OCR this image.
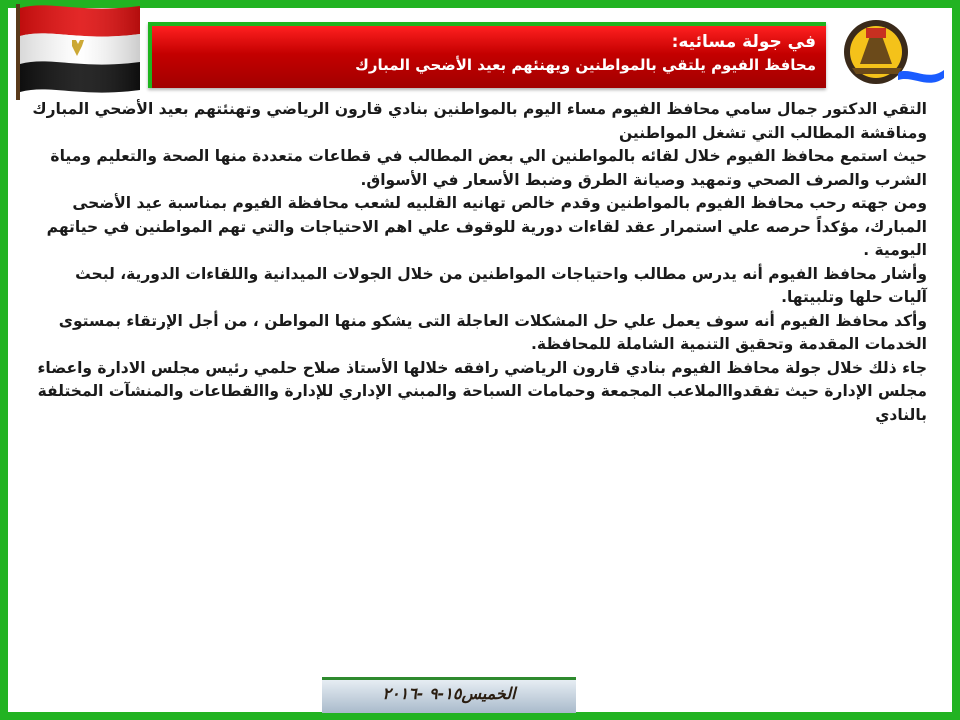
في جولة مسائيه:
محافظ الفيوم يلتقي بالمواطنين ويهنئهم بعيد الأضحي المبارك

التقي الدكتور جمال سامي محافظ الفيوم مساء اليوم بالمواطنين بنادي قارون الرياضي وتهنئتهم بعيد الأضحي المبارك ومناقشة المطالب التي تشغل المواطنين

حيث استمع محافظ الفيوم خلال لقائه بالمواطنين الي بعض المطالب في قطاعات متعددة منها الصحة والتعليم ومياة الشرب والصرف الصحي وتمهيد وصيانة الطرق وضبط الأسعار في الأسواق.

ومن جهته رحب محافظ الفيوم بالمواطنين وقدم خالص تهانيه القلبيه لشعب محافظة الفيوم بمناسبة عيد الأضحى المبارك، مؤكداً حرصه علي استمرار عقد لقاءات دورية للوقوف علي اهم الاحتياجات والتي تهم المواطنين في حياتهم اليومية .

وأشار محافظ الفيوم أنه يدرس مطالب واحتياجات المواطنين من خلال الجولات الميدانية واللقاءات الدورية، لبحث آليات حلها وتلبيتها.

وأكد محافظ الفيوم أنه سوف يعمل علي حل المشكلات العاجلة التى يشكو منها المواطن ، من أجل الإرتقاء بمستوى الخدمات المقدمة وتحقيق التنمية الشاملة للمحافظة.

جاء ذلك خلال جولة محافظ الفيوم بنادي قارون الرياضي رافقه خلالها الأستاذ صلاح حلمي رئيس مجلس الادارة واعضاء مجلس الإدارة حيث تفقدواالملاعب المجمعة وحمامات السباحة والمبني الإداري للإدارة واالقطاعات والمنشآت المختلفة بالنادي

الخميس١٥-٩ -٢٠١٦
